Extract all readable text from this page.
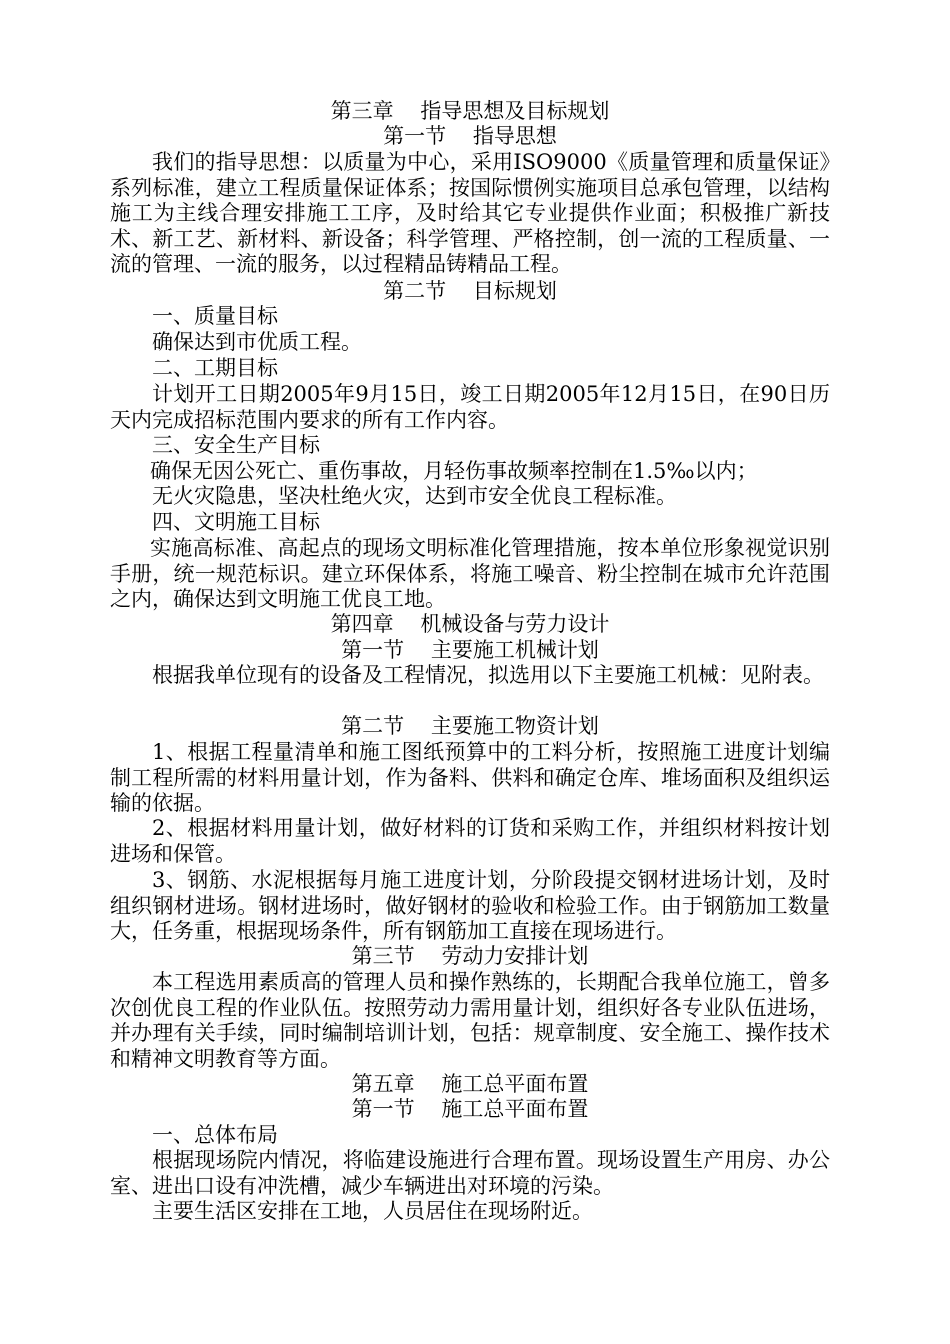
第三章    指导思想及目标规划
第一节    指导思想

我们的指导思想：以质量为中心，采用ISO9000《质量管理和质量保证》系列标准，建立工程质量保证体系；按国际惯例实施项目总承包管理，以结构施工为主线合理安排施工工序，及时给其它专业提供作业面；积极推广新技术、新工艺、新材料、新设备；科学管理、严格控制，创一流的工程质量、一流的管理、一流的服务，以过程精品铸精品工程。

第二节    目标规划

一、质量目标

确保达到市优质工程。

二、工期目标

计划开工日期2005年9月15日，竣工日期2005年12月15日，在90日历天内完成招标范围内要求的所有工作内容。

三、安全生产目标

确保无因公死亡、重伤事故，月轻伤事故频率控制在1.5‰以内；

无火灾隐患，坚决杜绝火灾，达到市安全优良工程标准。

四、文明施工目标

实施高标准、高起点的现场文明标准化管理措施，按本单位形象视觉识别手册，统一规范标识。建立环保体系，将施工噪音、粉尘控制在城市允许范围之内，确保达到文明施工优良工地。

第四章    机械设备与劳力设计
第一节    主要施工机械计划

根据我单位现有的设备及工程情况，拟选用以下主要施工机械：见附表。

第二节    主要施工物资计划

1、根据工程量清单和施工图纸预算中的工料分析，按照施工进度计划编制工程所需的材料用量计划，作为备料、供料和确定仓库、堆场面积及组织运输的依据。

2、根据材料用量计划，做好材料的订货和采购工作，并组织材料按计划进场和保管。

3、钢筋、水泥根据每月施工进度计划，分阶段提交钢材进场计划，及时组织钢材进场。钢材进场时，做好钢材的验收和检验工作。由于钢筋加工数量大，任务重，根据现场条件，所有钢筋加工直接在现场进行。

第三节    劳动力安排计划

本工程选用素质高的管理人员和操作熟练的，长期配合我单位施工，曾多次创优良工程的作业队伍。按照劳动力需用量计划，组织好各专业队伍进场，并办理有关手续，同时编制培训计划，包括：规章制度、安全施工、操作技术和精神文明教育等方面。

第五章    施工总平面布置
第一节    施工总平面布置

一、总体布局

根据现场院内情况，将临建设施进行合理布置。现场设置生产用房、办公室、进出口设有冲洗槽，减少车辆进出对环境的污染。

主要生活区安排在工地，人员居住在现场附近。
